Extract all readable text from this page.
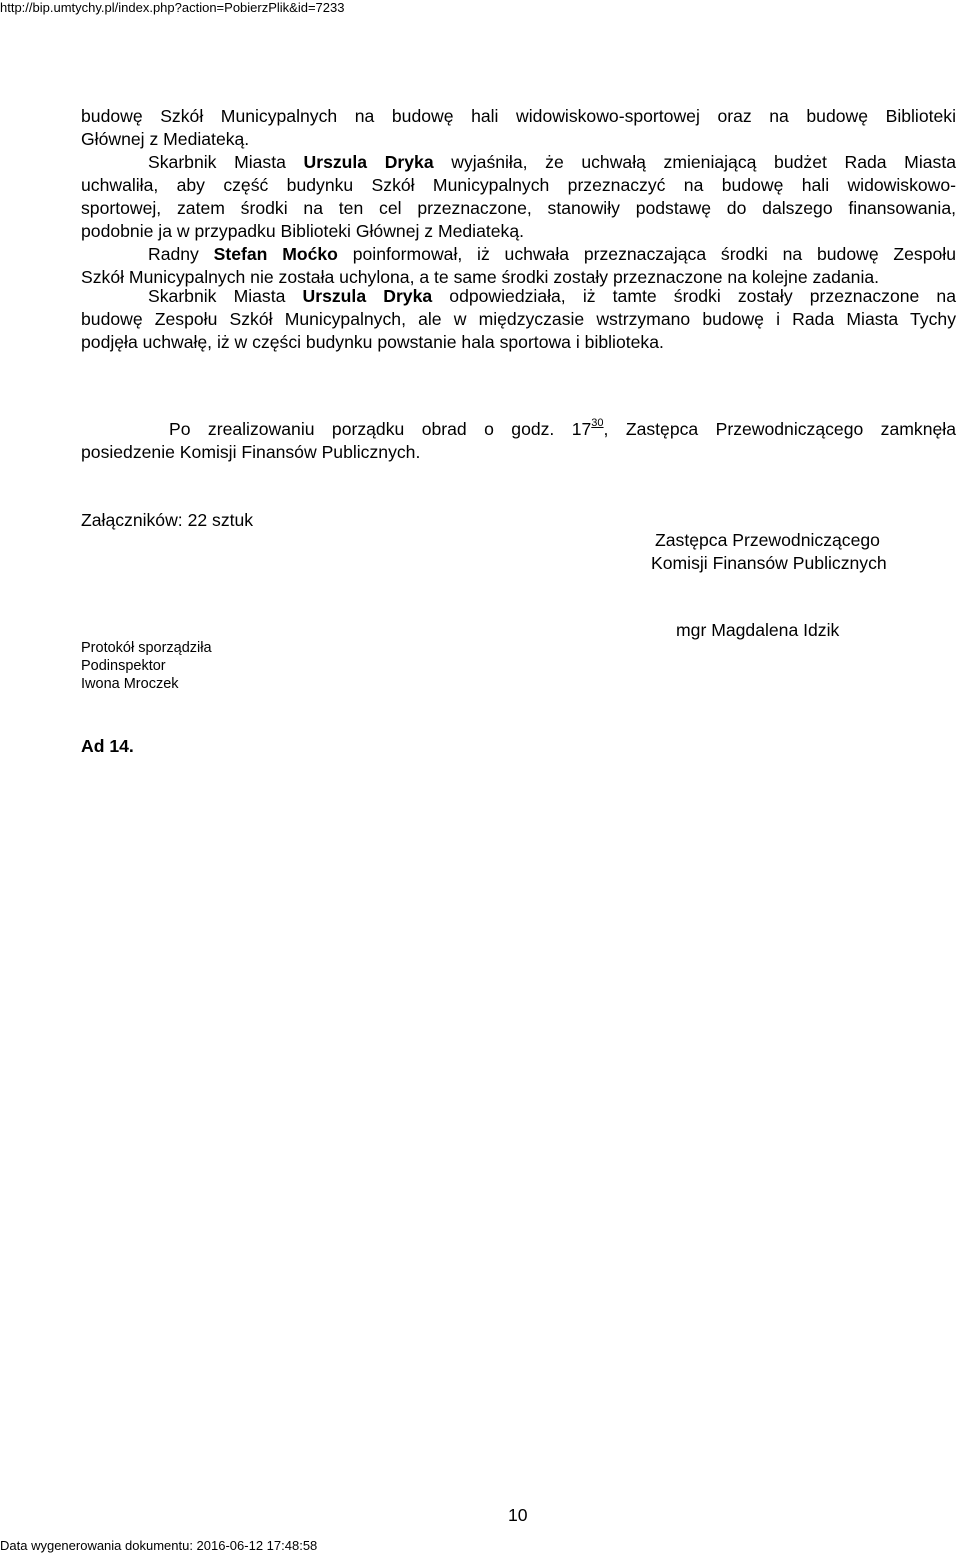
http://bip.umtychy.pl/index.php?action=PobierzPlik&id=7233
budowę Szkół Municypalnych na budowę hali widowiskowo-sportowej oraz na budowę Biblioteki
Głównej z Mediateką.
Skarbnik Miasta Urszula Dryka wyjaśniła, że uchwałą zmieniającą budżet Rada Miasta
uchwaliła, aby część budynku Szkół Municypalnych przeznaczyć na budowę hali widowiskowo-
sportowej, zatem środki na ten cel przeznaczone, stanowiły podstawę do dalszego finansowania,
podobnie ja w przypadku Biblioteki Głównej z Mediateką.
Radny Stefan Moćko poinformował, iż uchwała przeznaczająca środki na budowę Zespołu
Szkół Municypalnych nie została uchylona, a te same środki zostały przeznaczone na kolejne zadania.
Skarbnik Miasta Urszula Dryka odpowiedziała, iż tamte środki zostały przeznaczone na
budowę Zespołu Szkół Municypalnych, ale w międzyczasie wstrzymano budowę i Rada Miasta Tychy
podjęła uchwałę, iż w części budynku powstanie hala sportowa i biblioteka.
Ad 14.
Po zrealizowaniu porządku obrad o godz. $17^{30}$, Zastępca Przewodniczącego zamknęła
posiedzenie Komisji Finansów Publicznych.
Załączników: 22 sztuk
Zastępca Przewodniczącego
Komisji Finansów Publicznych
mgr Magdalena Idzik
Protokół sporządziła
Podinspektor
Iwona Mroczek
10
Data wygenerowania dokumentu: 2016-06-12 17:48:58
